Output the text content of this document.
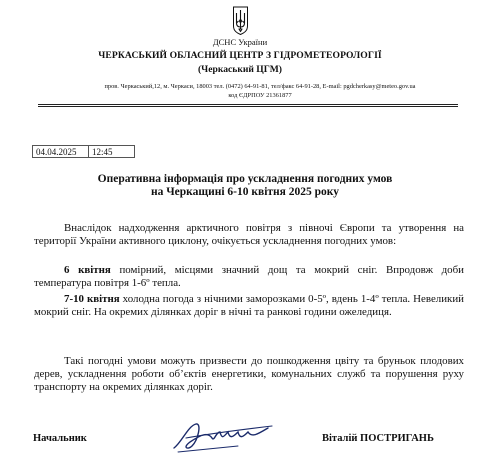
ДСНС України
ЧЕРКАСЬКИЙ ОБЛАСНИЙ ЦЕНТР З ГІДРОМЕТЕОРОЛОГІЇ
(Черкаський ЦГМ)
пров. Черкаський,12, м. Черкаси, 18003 тел. (0472) 64-91-81, тел/факс 64-91-28, E-mail: pgdcherkasy@meteo.gov.ua
код ЄДРПОУ 21361877
04.04.2025	12:45
Оперативна інформація про ускладнення погодних умов
на Черкащині 6-10 квітня 2025 року
Внаслідок надходження арктичного повітря з півночі Європи та утворення на території України активного циклону, очікується ускладнення погодних умов:
6 квітня помірний, місцями значний дощ та мокрий сніг. Впродовж доби температура повітря 1-6º тепла.
7-10 квітня холодна погода з нічними заморозками 0-5º, вдень 1-4º тепла. Невеликий мокрий сніг. На окремих ділянках доріг в нічні та ранкові години ожеледиця.
Такі погодні умови можуть призвести до пошкодження цвіту та бруньок плодових дерев, ускладнення роботи об’єктів енергетики, комунальних служб та порушення руху транспорту на окремих ділянках доріг.
Начальник	Віталій ПОСТРИГАНЬ
